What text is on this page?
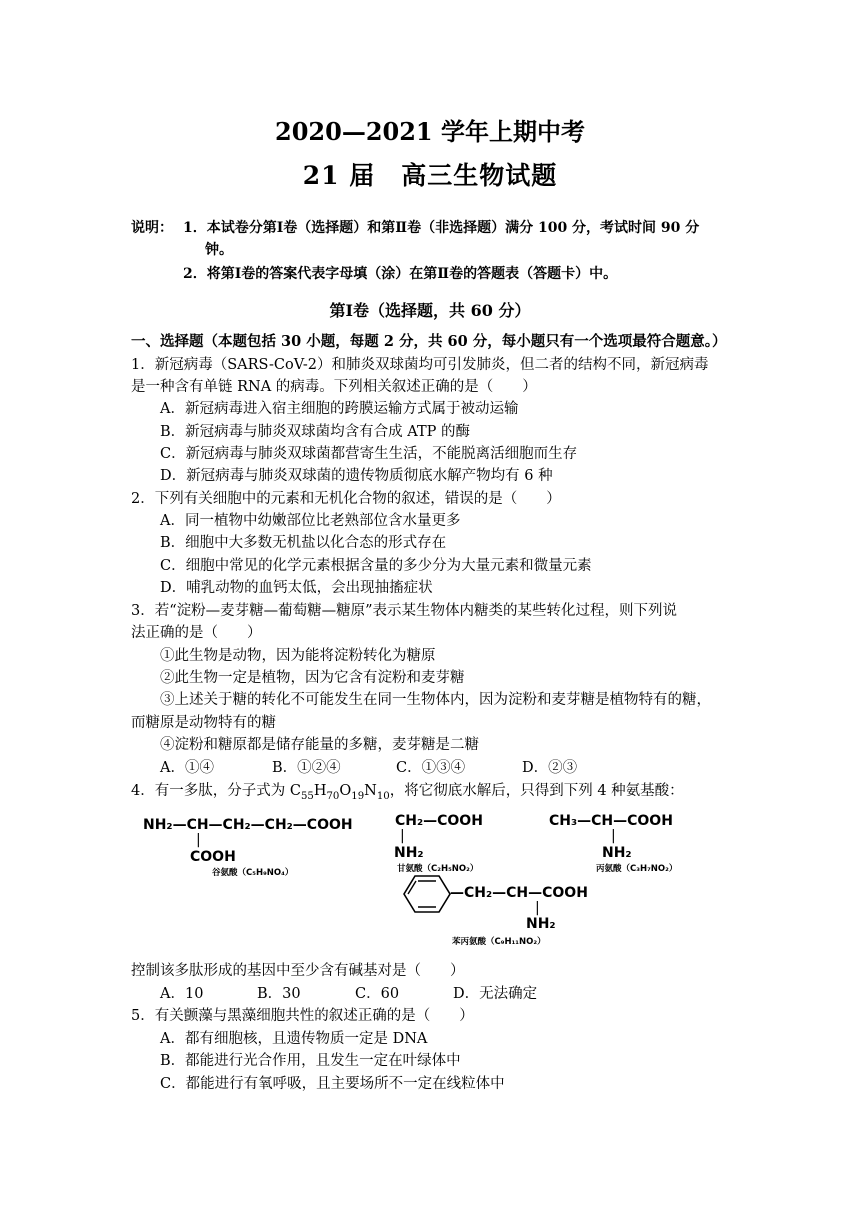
2020—2021 学年上期中考
21 届　高三生物试题
说明： 1．本试卷分第Ⅰ卷（选择题）和第Ⅱ卷（非选择题）满分 100 分，考试时间 90 分
钟。
2．将第Ⅰ卷的答案代表字母填（涂）在第Ⅱ卷的答题表（答题卡）中。
第Ⅰ卷（选择题，共 60 分）
一、选择题（本题包括 30 小题，每题 2 分，共 60 分，每小题只有一个选项最符合题意。）
1．新冠病毒（SARS-CoV-2）和肺炎双球菌均可引发肺炎，但二者的结构不同，新冠病毒
是一种含有单链 RNA 的病毒。下列相关叙述正确的是（　　）
A．新冠病毒进入宿主细胞的跨膜运输方式属于被动运输
B．新冠病毒与肺炎双球菌均含有合成 ATP 的酶
C．新冠病毒与肺炎双球菌都营寄生生活，不能脱离活细胞而生存
D．新冠病毒与肺炎双球菌的遗传物质彻底水解产物均有 6 种
2．下列有关细胞中的元素和无机化合物的叙述，错误的是（　　）
A．同一植物中幼嫩部位比老熟部位含水量更多
B．细胞中大多数无机盐以化合态的形式存在
C．细胞中常见的化学元素根据含量的多少分为大量元素和微量元素
D．哺乳动物的血钙太低，会出现抽搐症状
3．若“淀粉—麦芽糖—葡萄糖—糖原”表示某生物体内糖类的某些转化过程，则下列说
法正确的是（　　）
①此生物是动物，因为能将淀粉转化为糖原
②此生物一定是植物，因为它含有淀粉和麦芽糖
③上述关于糖的转化不可能发生在同一生物体内，因为淀粉和麦芽糖是植物特有的糖，
而糖原是动物特有的糖
④淀粉和糖原都是储存能量的多糖，麦芽糖是二糖
A．①④	B．①②④	C．①③④	D．②③
4．有一多肽，分子式为 $C_{55}H_{70}O_{19}N_{10}$，将它彻底水解后，只得到下列 4 种氨基酸：
NH₂—CH—CH₂—CH₂—COOH
|
COOH
谷氨酸（C₅H₉NO₄）
CH₂—COOH
|
NH₂
甘氨酸（C₂H₅NO₂）
CH₃—CH—COOH
|
NH₂
丙氨酸（C₃H₇NO₂）
—CH₂—CH—COOH
|
NH₂
苯丙氨酸（C₉H₁₁NO₂）
控制该多肽形成的基因中至少含有碱基对是（　　）
A．10	B．30	C．60	D．无法确定
5．有关颤藻与黑藻细胞共性的叙述正确的是（　　）
A．都有细胞核，且遗传物质一定是 DNA
B．都能进行光合作用，且发生一定在叶绿体中
C．都能进行有氧呼吸，且主要场所不一定在线粒体中
